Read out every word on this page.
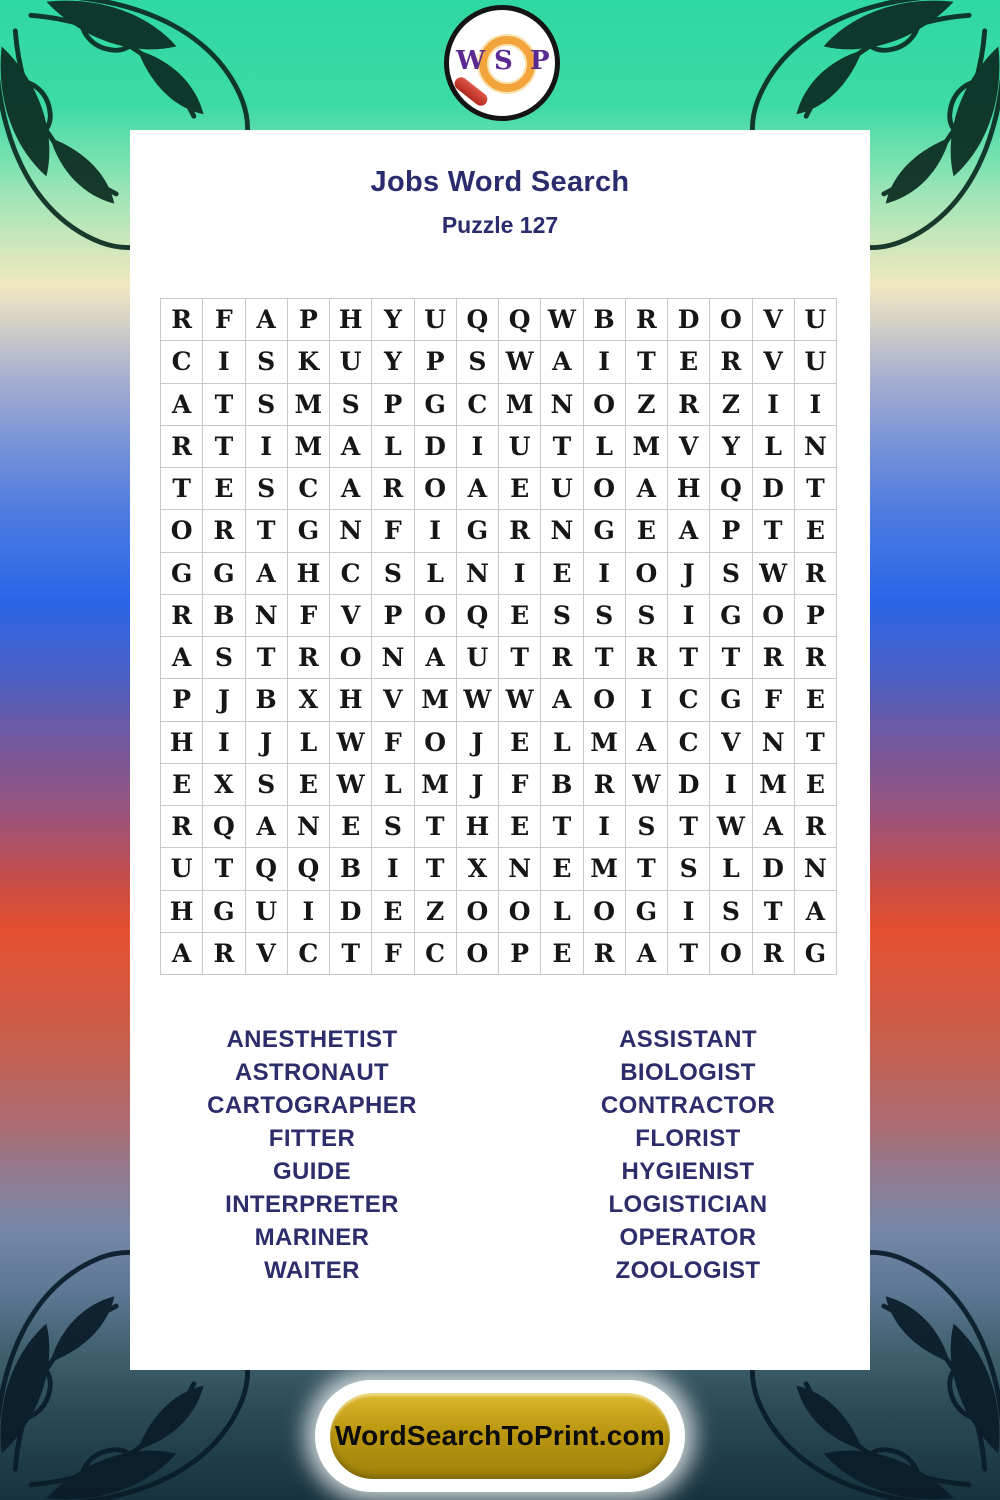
W S P
Jobs Word Search
Puzzle 127
R F A P H Y U Q Q W B R D O V U
C	I	S K U Y P S W A	I	T E R V U
A T S M S P G C M N O Z R Z	I	I
R T	I M A L D	I	U T L M V Y L N
T E S C A R O A E U O A H Q D T
O R T G N F	I	G R N G E A P T E
G G A H C S L N I	E	I	O	J	S W R
R B N F V P O Q E S S S	I	G O P
A S T R O N A U T R T R T T R R
P	J	B X H V M W W A O	I	C G F E
H I	J	L W F O	J	E L M A C V N T
E X S E W L M J	F B R W D	I M E
R Q A N E S T H E T	I	S T W A R
U T Q Q B	I	T X N E M T S L D N
H G U	I	D E Z O O L O G	I	S T A
A R V C T F C O P E R A T O R G
ANESTHETIST
ASTRONAUT
CARTOGRAPHER
FITTER
GUIDE
INTERPRETER
MARINER
WAITER
ASSISTANT
BIOLOGIST
CONTRACTOR
FLORIST
HYGIENIST
LOGISTICIAN
OPERATOR
ZOOLOGIST
WordSearchToPrint.com
